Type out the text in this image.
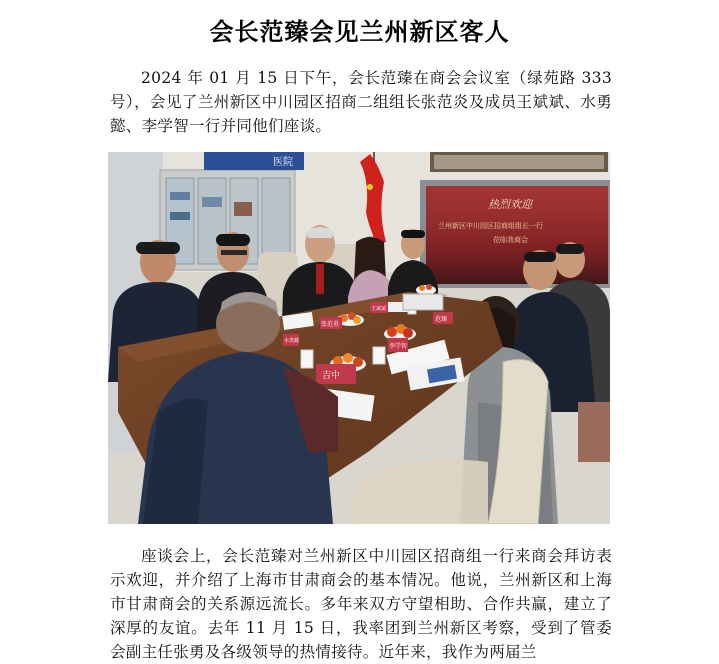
会长范臻会见兰州新区客人
2024 年 01 月 15 日下午，会长范臻在商会会议室（绿苑路 333 号），会见了兰州新区中川园区招商二组组长张范炎及成员王斌斌、水勇懿、李学智一行并同他们座谈。
医院
热烈欢迎
兰州新区中川园区招商组组长一行
莅临我商会
张范炎
王斌斌
范臻
李学智
吉中
水勇懿
座谈会上，会长范臻对兰州新区中川园区招商组一行来商会拜访表示欢迎，并介绍了上海市甘肃商会的基本情况。他说，兰州新区和上海市甘肃商会的关系源远流长。多年来双方守望相助、合作共赢，建立了深厚的友谊。去年 11 月 15 日，我率团到兰州新区考察，受到了管委会副主任张勇及各级领导的热情接待。近年来，我作为两届兰
